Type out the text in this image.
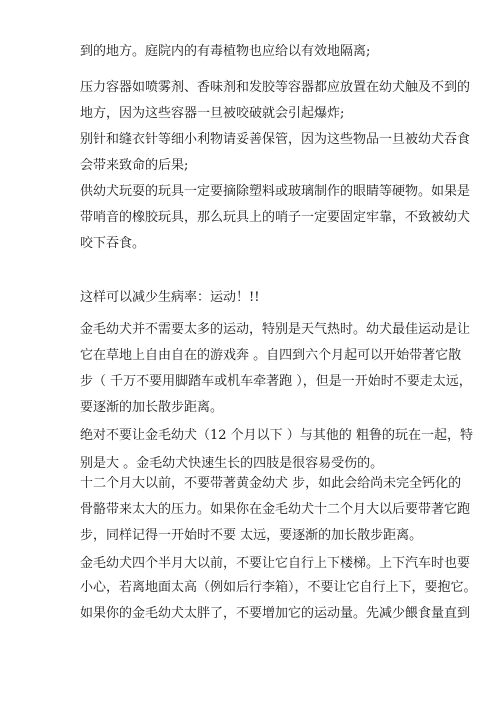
到的地方。庭院内的有毒植物也应给以有效地隔离;
压力容器如喷雾剂、香味剂和发胶等容器都应放置在幼犬触及不到的
地方，因为这些容器一旦被咬破就会引起爆炸;
别针和缝衣针等细小利物请妥善保管，因为这些物品一旦被幼犬吞食
会带来致命的后果;
供幼犬玩耍的玩具一定要摘除塑料或玻璃制作的眼睛等硬物。如果是
带哨音的橡胶玩具，那么玩具上的哨子一定要固定牢靠，不致被幼犬
咬下吞食。
这样可以减少生病率：运动！!!
金毛幼犬并不需要太多的运动，特别是天气热时。幼犬最佳运动是让
它在草地上自由自在的游戏奔 。自四到六个月起可以开始带著它散
步（ 千万不要用脚踏车或机车牵著跑 ），但是一开始时不要走太远，
要逐渐的加长散步距离。
绝对不要让金毛幼犬（12 个月以下 ）与其他的 粗鲁的玩在一起，特
别是大 。金毛幼犬快速生长的四肢是很容易受伤的。
十二个月大以前，不要带著黄金幼犬 步，如此会给尚未完全钙化的
骨骼带来太大的压力。如果你在金毛幼犬十二个月大以后要带著它跑
步，同样记得一开始时不要 太远，要逐渐的加长散步距离。
金毛幼犬四个半月大以前，不要让它自行上下楼梯。上下汽车时也要
小心，若离地面太高（例如后行李箱），不要让它自行上下，要抱它。
如果你的金毛幼犬太胖了，不要增加它的运动量。先减少餵食量直到
